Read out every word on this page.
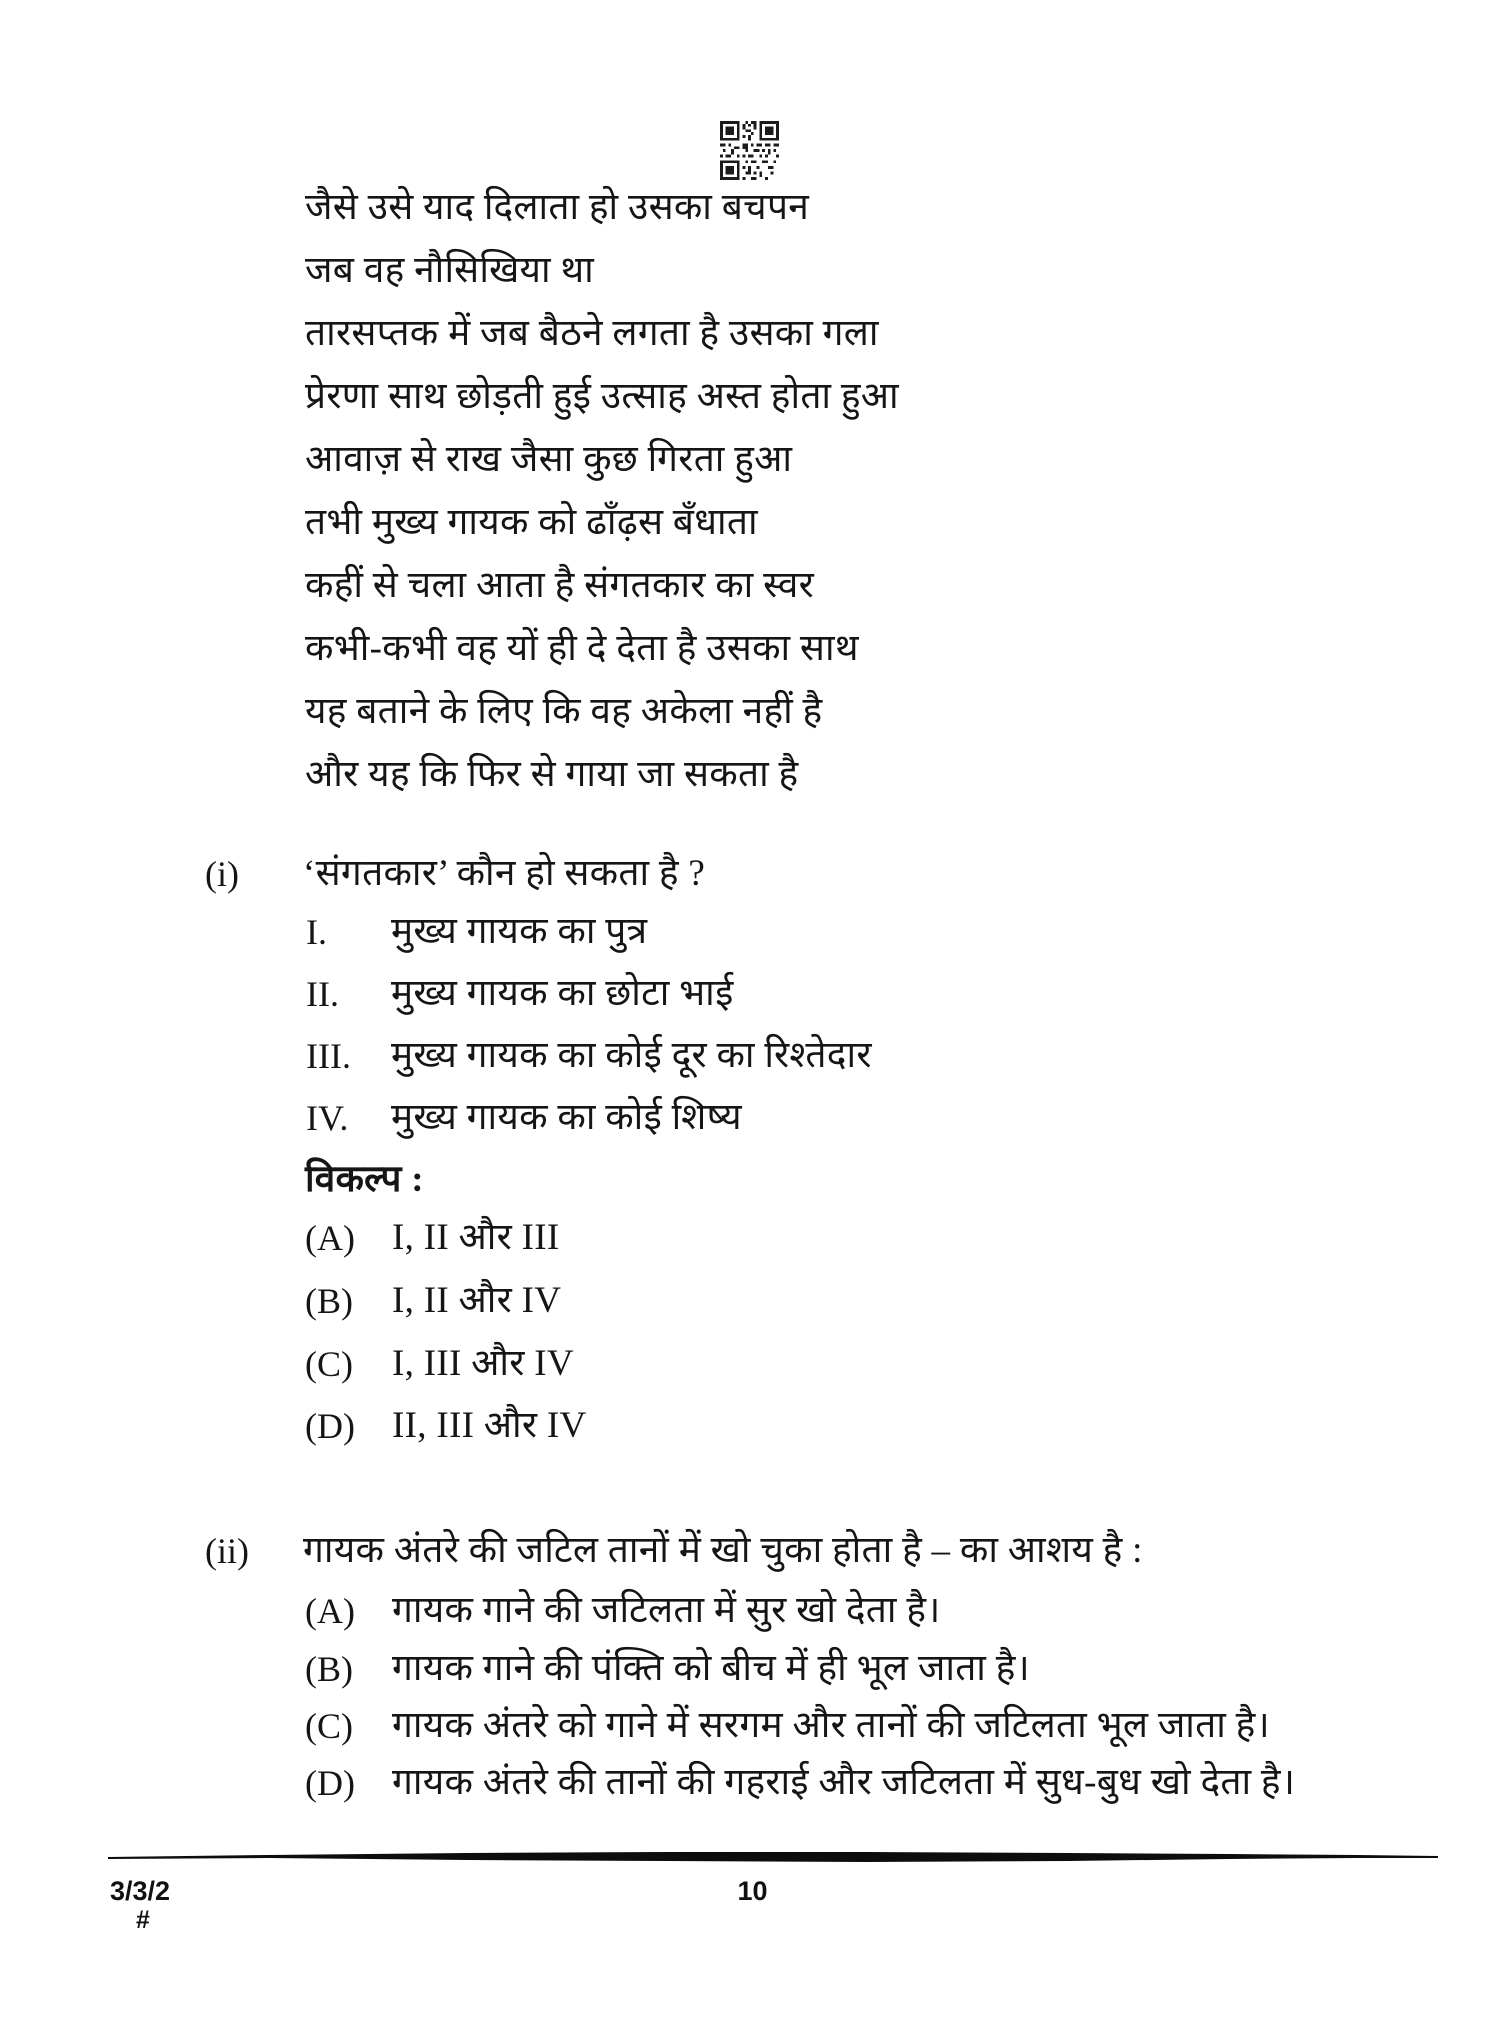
जैसे उसे याद दिलाता हो उसका बचपन
जब वह नौसिखिया था
तारसप्तक में जब बैठने लगता है उसका गला
प्रेरणा साथ छोड़ती हुई उत्साह अस्त होता हुआ
आवाज़ से राख जैसा कुछ गिरता हुआ
तभी मुख्य गायक को ढाँढ़स बँधाता
कहीं से चला आता है संगतकार का स्वर
कभी-कभी वह यों ही दे देता है उसका साथ
यह बताने के लिए कि वह अकेला नहीं है
और यह कि फिर से गाया जा सकता है
(i) ‘संगतकार’ कौन हो सकता है ?
I. मुख्य गायक का पुत्र
II. मुख्य गायक का छोटा भाई
III. मुख्य गायक का कोई दूर का रिश्तेदार
IV. मुख्य गायक का कोई शिष्य
विकल्प :
(A) I, II और III
(B) I, II और IV
(C) I, III और IV
(D) II, III और IV
(ii) गायक अंतरे की जटिल तानों में खो चुका होता है – का आशय है :
(A) गायक गाने की जटिलता में सुर खो देता है।
(B) गायक गाने की पंक्ति को बीच में ही भूल जाता है।
(C) गायक अंतरे को गाने में सरगम और तानों की जटिलता भूल जाता है।
(D) गायक अंतरे की तानों की गहराई और जटिलता में सुध-बुध खो देता है।
3/3/2
#
10
